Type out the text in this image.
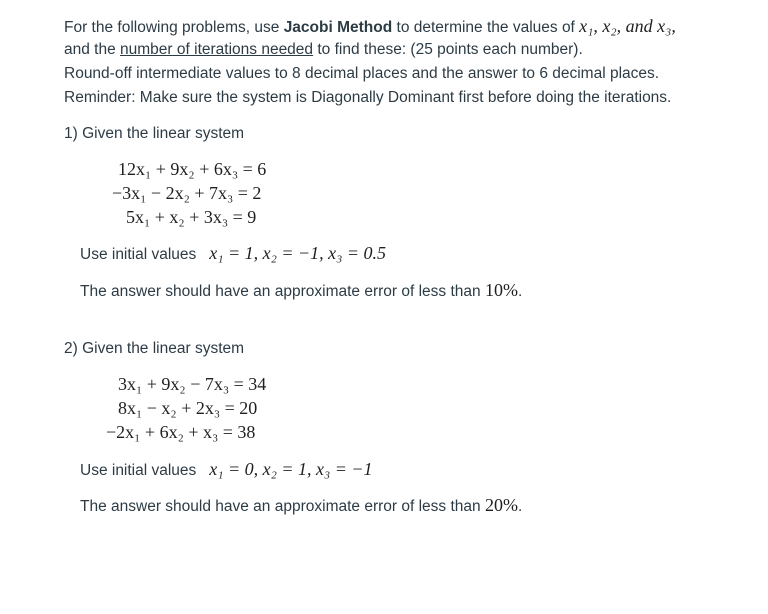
For the following problems, use Jacobi Method to determine the values of x₁, x₂, and x₃,
and the number of iterations needed to find these: (25 points each number).
Round-off intermediate values to 8 decimal places and the answer to 6 decimal places.
Reminder: Make sure the system is Diagonally Dominant first before doing the iterations.
1) Given the linear system
12x₁ + 9x₂ + 6x₃ = 6
−3x₁ − 2x₂ + 7x₃ = 2
5x₁ + x₂ + 3x₃ = 9
Use initial values x₁ = 1, x₂ = −1, x₃ = 0.5
The answer should have an approximate error of less than 10%.
2) Given the linear system
3x₁ + 9x₂ − 7x₃ = 34
8x₁ − x₂ + 2x₃ = 20
−2x₁ + 6x₂ + x₃ = 38
Use initial values x₁ = 0, x₂ = 1, x₃ = −1
The answer should have an approximate error of less than 20%.
